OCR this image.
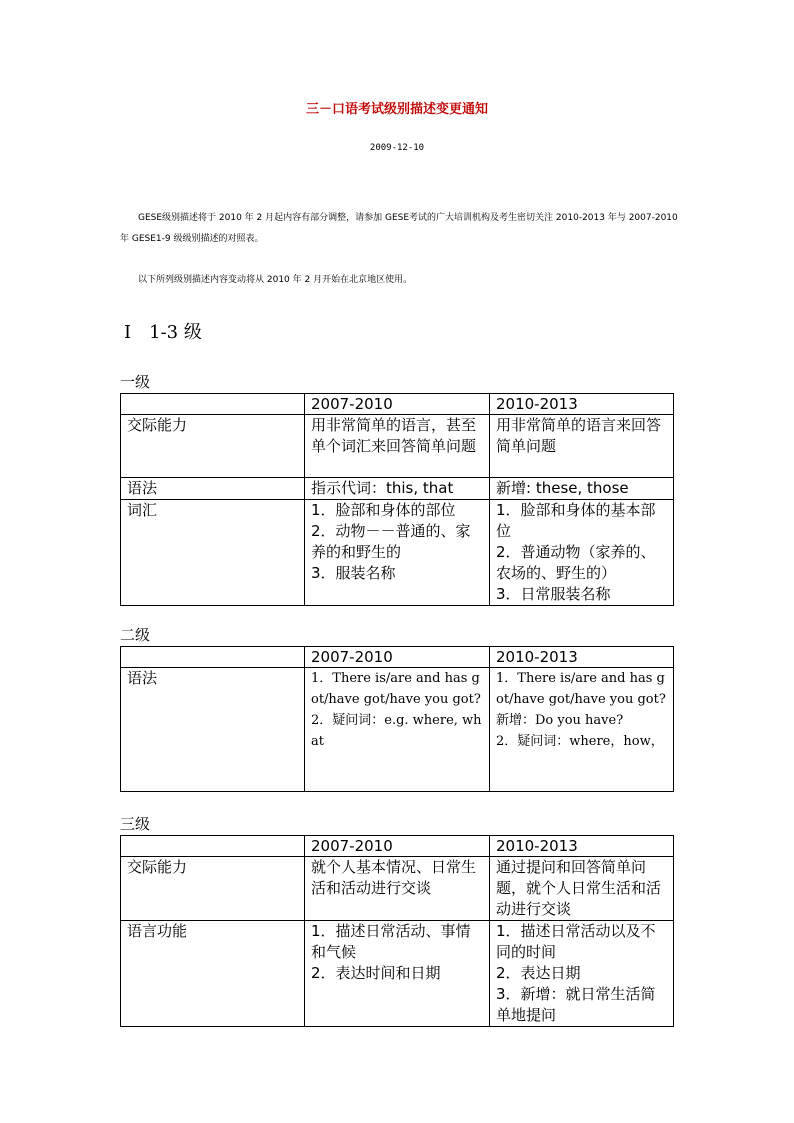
三－口语考试级别描述变更通知
2009-12-10
GESE级别描述将于 2010 年 2 月起内容有部分调整，请参加 GESE考试的广大培训机构及考生密切关注 2010-2013 年与 2007-2010 年 GESE1-9 级级别描述的对照表。
以下所列级别描述内容变动将从 2010 年 2 月开始在北京地区使用。
Ⅰ 1-3 级
一级
	2007-2010	2010-2013
交际能力	用非常简单的语言，甚至单个词汇来回答简单问题	用非常简单的语言来回答简单问题

语法	指示代词：this, that	新增: these, those

词汇	1．脸部和身体的部位
2．动物－－普通的、家养的和野生的
3．服装名称	1．脸部和身体的基本部位
2．普通动物（家养的、农场的、野生的）
3．日常服装名称
二级
	2007-2010	2010-2013
语法	1．There is/are and has got/have got/have you got?
2．疑问词：e.g. where, what	1．There is/are and has got/have got/have you got? 新增：Do you have?
2．疑问词：where，how，
三级
	2007-2010	2010-2013
交际能力	就个人基本情况、日常生活和活动进行交谈	通过提问和回答简单问题，就个人日常生活和活动进行交谈

语言功能	1．描述日常活动、事情和气候
2．表达时间和日期	1．描述日常活动以及不同的时间
2．表达日期
3．新增：就日常生活简单地提问
